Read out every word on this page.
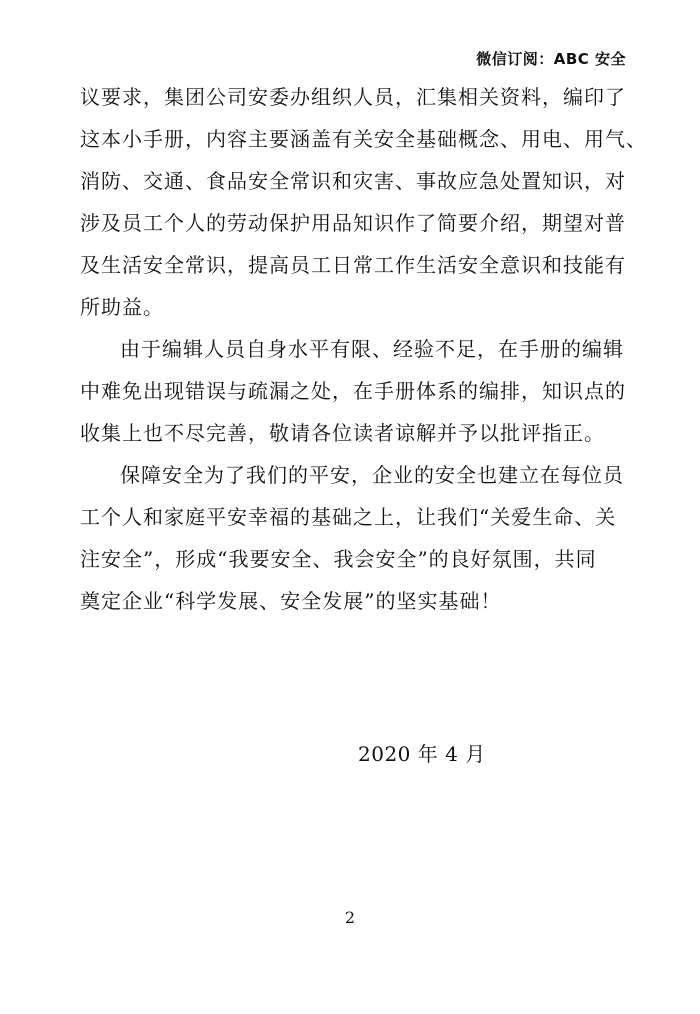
微信订阅：ABC 安全

议要求，集团公司安委办组织人员，汇集相关资料，编印了
这本小手册，内容主要涵盖有关安全基础概念、用电、用气、
消防、交通、食品安全常识和灾害、事故应急处置知识，对
涉及员工个人的劳动保护用品知识作了简要介绍，期望对普
及生活安全常识，提高员工日常工作生活安全意识和技能有
所助益。

由于编辑人员自身水平有限、经验不足，在手册的编辑
中难免出现错误与疏漏之处，在手册体系的编排，知识点的
收集上也不尽完善，敬请各位读者谅解并予以批评指正。

保障安全为了我们的平安，企业的安全也建立在每位员
工个人和家庭平安幸福的基础之上，让我们“关爱生命、关
注安全”，形成“我要安全、我会安全”的良好氛围，共同
奠定企业“科学发展、安全发展”的坚实基础！

2020 年 4 月
2
